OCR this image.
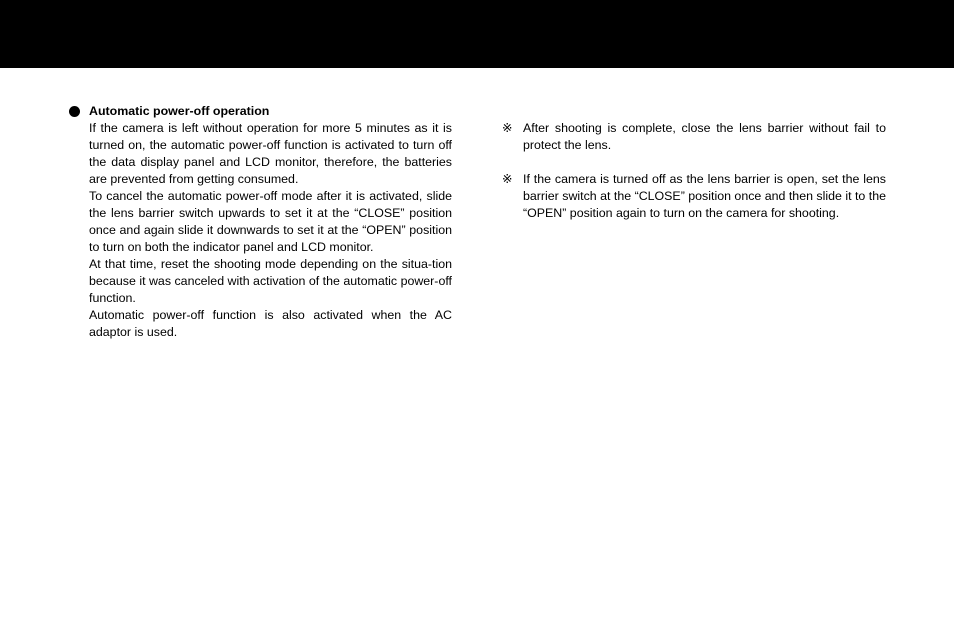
Automatic power-off operation

If the camera is left without operation for more 5 minutes as it is turned on, the automatic power-off function is activated to turn off the data display panel and LCD monitor, therefore, the batteries are prevented from getting consumed.

To cancel the automatic power-off mode after it is activated, slide the lens barrier switch upwards to set it at the “CLOSE” position once and again slide it downwards to set it at the “OPEN” position to turn on both the indicator panel and LCD monitor.

At that time, reset the shooting mode depending on the situa-tion because it was canceled with activation of the automatic power-off function.

Automatic power-off function is also activated when the AC adaptor is used.

※ After shooting is complete, close the lens barrier without fail to protect the lens.

※ If the camera is turned off as the lens barrier is open, set the lens barrier switch at the “CLOSE” position once and then slide it to the “OPEN” position again to turn on the camera for shooting.
